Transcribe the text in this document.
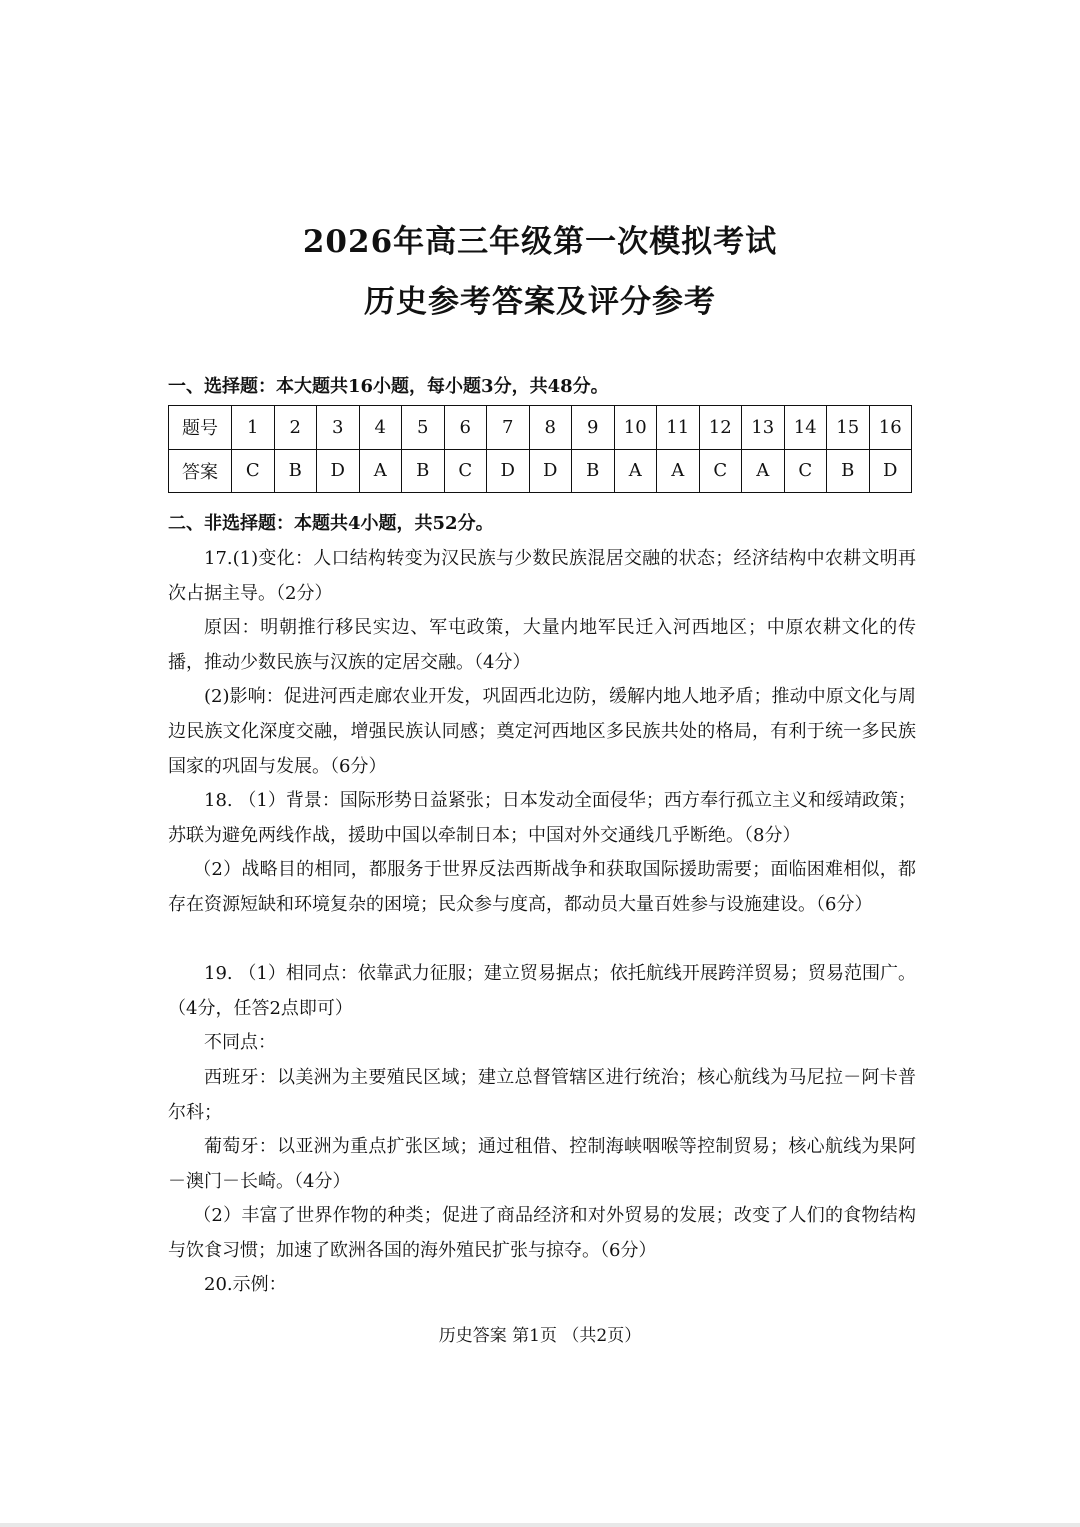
2026年高三年级第一次模拟考试
历史参考答案及评分参考
一、选择题：本大题共16小题，每小题3分，共48分。
题号	1	2	3	4	5	6	7	8	9	10	11	12	13	14	15	16
答案	C	B	D	A	B	C	D	D	B	A	A	C	A	C	B	D
二、非选择题：本题共4小题，共52分。

17.(1)变化：人口结构转变为汉民族与少数民族混居交融的状态；经济结构中农耕文明再次占据主导。（2分）

原因：明朝推行移民实边、军屯政策，大量内地军民迁入河西地区；中原农耕文化的传播，推动少数民族与汉族的定居交融。（4分）

(2)影响：促进河西走廊农业开发，巩固西北边防，缓解内地人地矛盾；推动中原文化与周边民族文化深度交融，增强民族认同感；奠定河西地区多民族共处的格局，有利于统一多民族国家的巩固与发展。（6分）

18. （1）背景：国际形势日益紧张；日本发动全面侵华；西方奉行孤立主义和绥靖政策；苏联为避免两线作战，援助中国以牵制日本；中国对外交通线几乎断绝。（8分）

（2）战略目的相同，都服务于世界反法西斯战争和获取国际援助需要；面临困难相似，都存在资源短缺和环境复杂的困境；民众参与度高，都动员大量百姓参与设施建设。（6分）

19. （1）相同点：依靠武力征服；建立贸易据点；依托航线开展跨洋贸易；贸易范围广。（4分，任答2点即可）

不同点：

西班牙：以美洲为主要殖民区域；建立总督管辖区进行统治；核心航线为马尼拉－阿卡普尔科；

葡萄牙：以亚洲为重点扩张区域；通过租借、控制海峡咽喉等控制贸易；核心航线为果阿－澳门－长崎。（4分）

（2）丰富了世界作物的种类；促进了商品经济和对外贸易的发展；改变了人们的食物结构与饮食习惯；加速了欧洲各国的海外殖民扩张与掠夺。（6分）

20.示例：

历史答案 第1页 （共2页）
